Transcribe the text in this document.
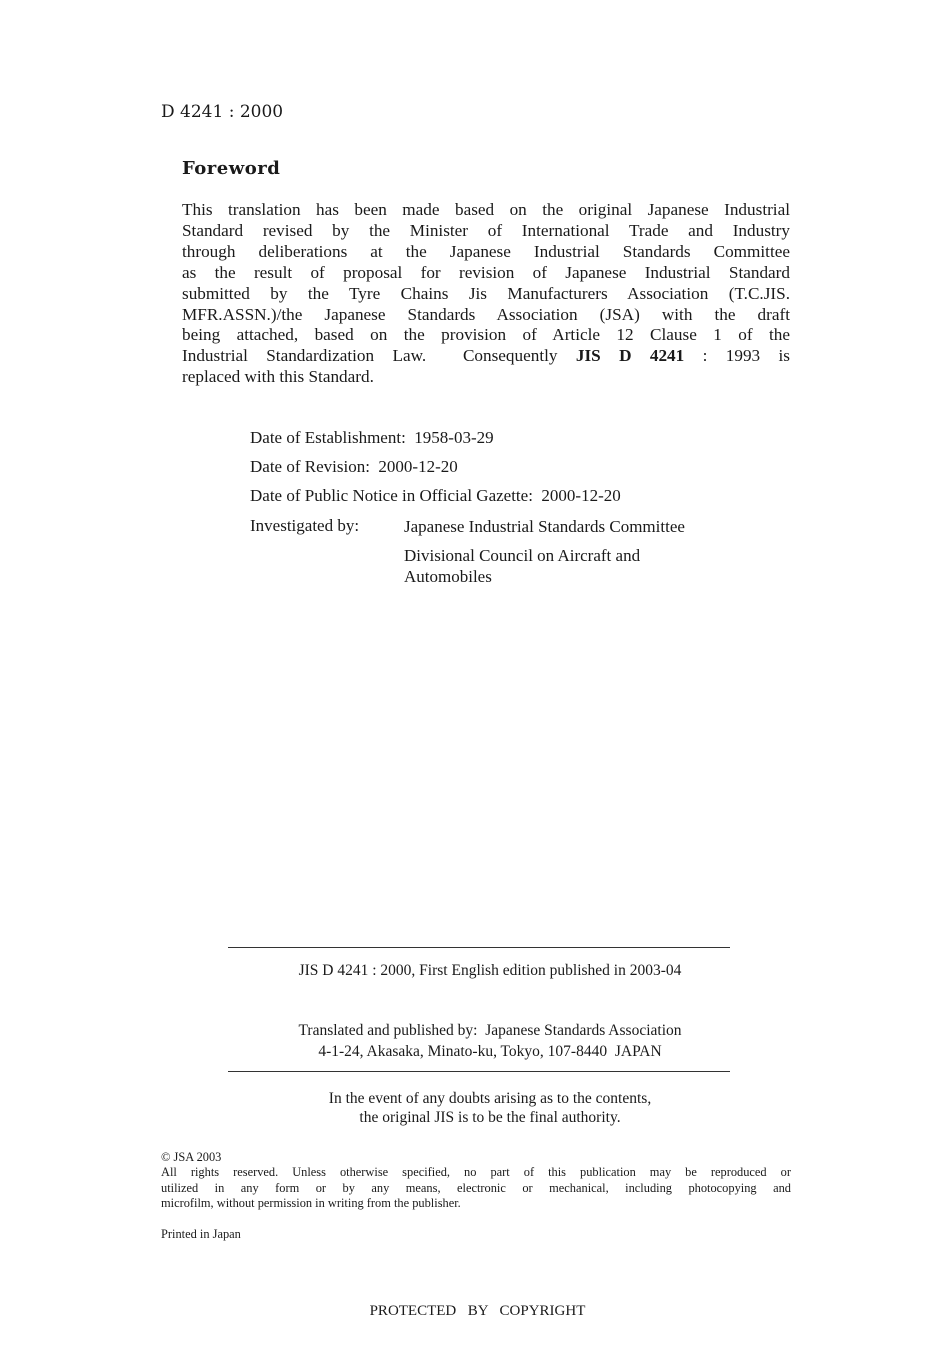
D 4241 : 2000
Foreword
This translation has been made based on the original Japanese Industrial
Standard revised by the Minister of International Trade and Industry
through deliberations at the Japanese Industrial Standards Committee
as the result of proposal for revision of Japanese Industrial Standard
submitted by the Tyre Chains Jis Manufacturers Association (T.C.JIS.
MFR.ASSN.)/the Japanese Standards Association (JSA) with the draft
being attached, based on the provision of Article 12 Clause 1 of the
Industrial Standardization Law.  Consequently JIS D 4241 : 1993 is
replaced with this Standard.
Date of Establishment:  1958-03-29
Date of Revision:  2000-12-20
Date of Public Notice in Official Gazette:  2000-12-20
Investigated by:	Japanese Industrial Standards Committee
Divisional Council on Aircraft and
Automobiles
JIS D 4241 : 2000, First English edition published in 2003-04
Translated and published by:  Japanese Standards Association
4-1-24, Akasaka, Minato-ku, Tokyo, 107-8440  JAPAN
In the event of any doubts arising as to the contents,
the original JIS is to be the final authority.
© JSA 2003
All rights reserved. Unless otherwise specified, no part of this publication may be reproduced or
utilized in any form or by any means, electronic or mechanical, including photocopying and
microfilm, without permission in writing from the publisher.
Printed in Japan
PROTECTED  BY  COPYRIGHT
